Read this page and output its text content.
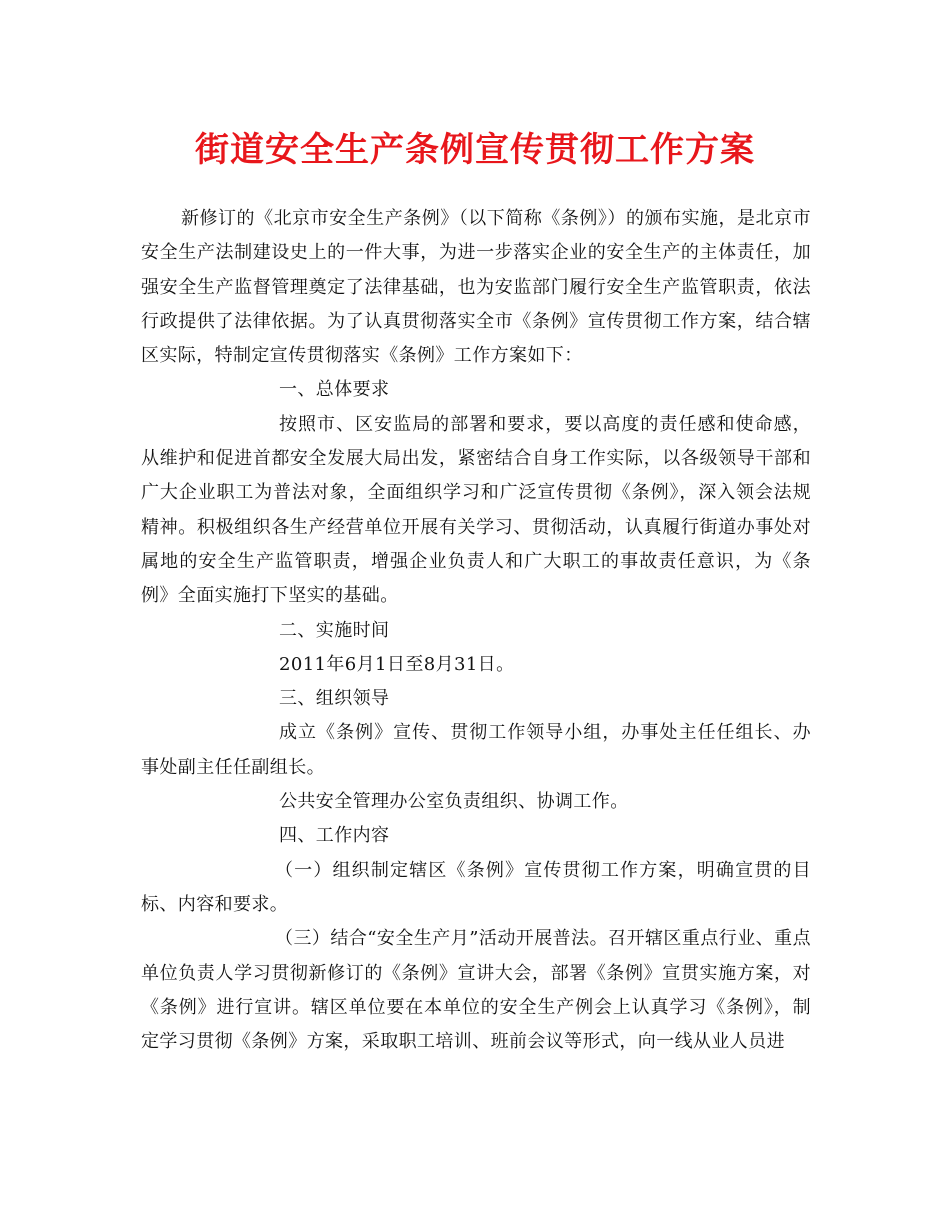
街道安全生产条例宣传贯彻工作方案

新修订的《北京市安全生产条例》（以下简称《条例》）的颁布实施，是北京市安全生产法制建设史上的一件大事，为进一步落实企业的安全生产的主体责任，加强安全生产监督管理奠定了法律基础，也为安监部门履行安全生产监管职责，依法行政提供了法律依据。为了认真贯彻落实全市《条例》宣传贯彻工作方案，结合辖区实际，特制定宣传贯彻落实《条例》工作方案如下：

一、总体要求

按照市、区安监局的部署和要求，要以高度的责任感和使命感，从维护和促进首都安全发展大局出发，紧密结合自身工作实际，以各级领导干部和广大企业职工为普法对象，全面组织学习和广泛宣传贯彻《条例》，深入领会法规精神。积极组织各生产经营单位开展有关学习、贯彻活动，认真履行街道办事处对属地的安全生产监管职责，增强企业负责人和广大职工的事故责任意识，为《条例》全面实施打下坚实的基础。

二、实施时间

2011年6月1日至8月31日。

三、组织领导

成立《条例》宣传、贯彻工作领导小组，办事处主任任组长、办事处副主任任副组长。

公共安全管理办公室负责组织、协调工作。

四、工作内容

（一）组织制定辖区《条例》宣传贯彻工作方案，明确宣贯的目标、内容和要求。

（三）结合“安全生产月”活动开展普法。召开辖区重点行业、重点单位负责人学习贯彻新修订的《条例》宣讲大会，部署《条例》宣贯实施方案，对《条例》进行宣讲。辖区单位要在本单位的安全生产例会上认真学习《条例》，制定学习贯彻《条例》方案，采取职工培训、班前会议等形式，向一线从业人员进
